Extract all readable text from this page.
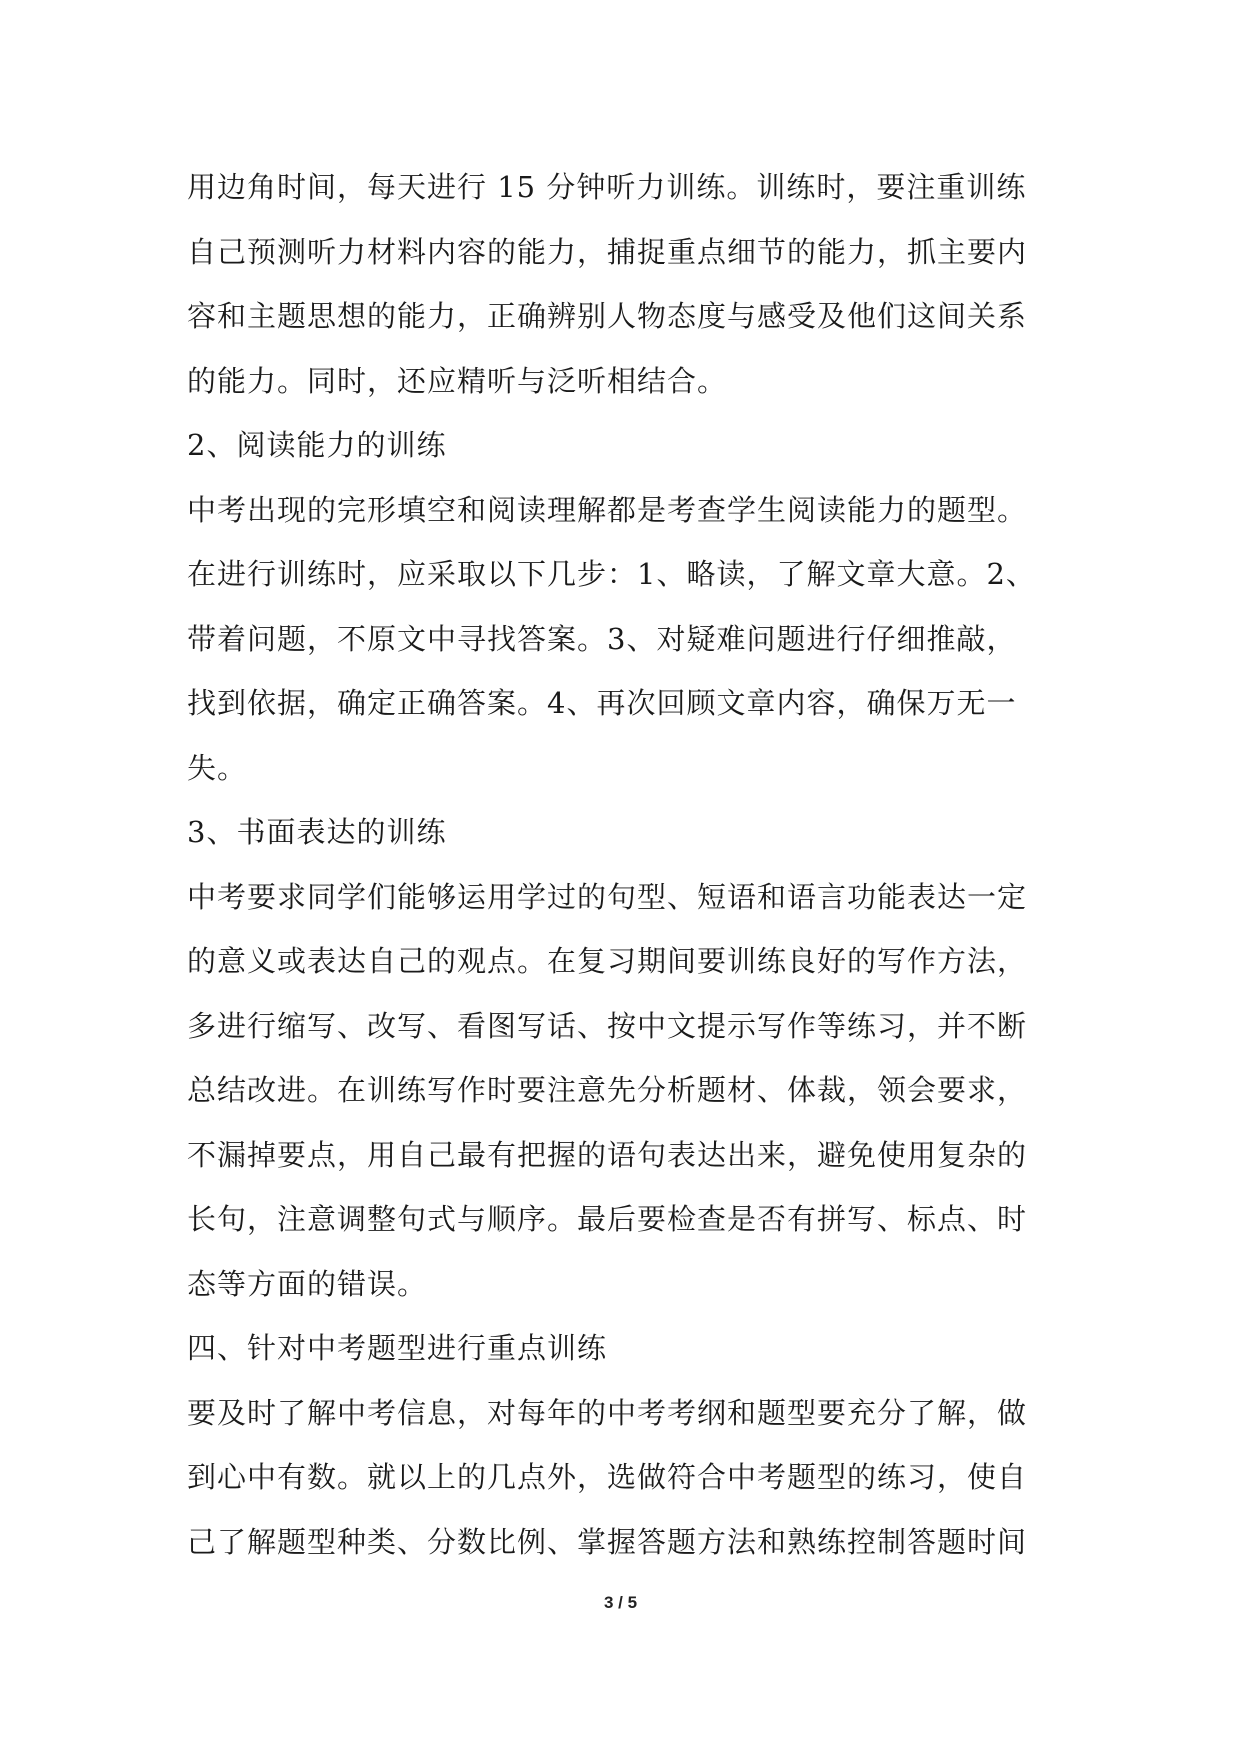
用边角时间，每天进行 15 分钟听力训练。训练时，要注重训练
自己预测听力材料内容的能力，捕捉重点细节的能力，抓主要内
容和主题思想的能力，正确辨别人物态度与感受及他们这间关系
的能力。同时，还应精听与泛听相结合。
2、阅读能力的训练
中考出现的完形填空和阅读理解都是考查学生阅读能力的题型。
在进行训练时，应采取以下几步：1、略读，了解文章大意。2、
带着问题，不原文中寻找答案。3、对疑难问题进行仔细推敲，
找到依据，确定正确答案。4、再次回顾文章内容，确保万无一
失。
3、书面表达的训练
中考要求同学们能够运用学过的句型、短语和语言功能表达一定
的意义或表达自己的观点。在复习期间要训练良好的写作方法，
多进行缩写、改写、看图写话、按中文提示写作等练习，并不断
总结改进。在训练写作时要注意先分析题材、体裁，领会要求，
不漏掉要点，用自己最有把握的语句表达出来，避免使用复杂的
长句，注意调整句式与顺序。最后要检查是否有拼写、标点、时
态等方面的错误。
四、针对中考题型进行重点训练
要及时了解中考信息，对每年的中考考纲和题型要充分了解，做
到心中有数。就以上的几点外，选做符合中考题型的练习，使自
己了解题型种类、分数比例、掌握答题方法和熟练控制答题时间
3 / 5
